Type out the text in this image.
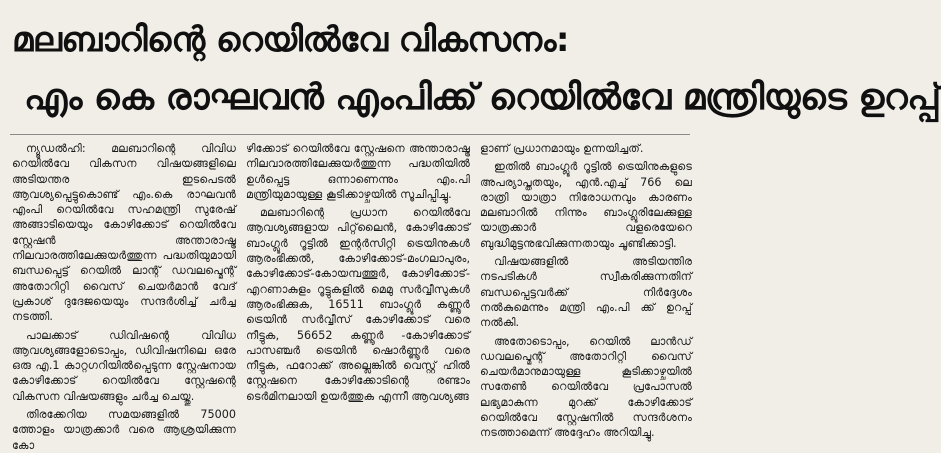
മലബാറിന്റെ റെയിൽവേ വികസനം:
എം കെ രാഘവൻ എംപിക്ക് റെയിൽവേ മന്ത്രിയുടെ ഉറപ്പ്

ന്യൂഡൽഹി: മലബാറിന്റെ വിവിധ റെയിൽവേ വികസന വിഷയങ്ങളിലെ അടിയന്തര ഇടപെടൽ ആവശ്യപ്പെട്ടുകൊണ്ട് എം.കെ രാഘവൻ എംപി റെയിൽവേ സഹമന്ത്രി സുരേഷ് അങ്ങാടിയെയും കോഴിക്കോട് റെയിൽവേ സ്റ്റേഷൻ അന്താരാഷ്ട്ര നിലവാരത്തിലേക്കുയർത്തുന്ന പദ്ധതിയുമായി ബന്ധപ്പെട്ട് റെയിൽ ലാന്റ് ഡവലപ്മെന്റ് അതോറിറ്റി വൈസ് ചെയർമാൻ വേദ് പ്രകാശ് ദുദേജയെയും സന്ദർശിച്ച് ചർച്ച നടത്തി.

പാലക്കാട് ഡിവിഷന്റെ വിവിധ ആവശ്യങ്ങളോടൊപ്പം, ഡിവിഷനിലെ ഒരേ ഒരു എ.1 കാറ്റഗറിയിൽപ്പെടുന്ന സ്റ്റേഷനായ കോഴിക്കോട് റെയിൽവേ സ്റ്റേഷന്റെ വികസന വിഷയങ്ങളും ചർച്ച ചെയ്തു.

തിരക്കേറിയ സമയങ്ങളിൽ 75000 ത്തോളം യാത്രക്കാർ വരെ ആശ്രയിക്കുന്ന കോ

ഴിക്കോട് റെയിൽവേ സ്റ്റേഷനെ അന്താരാഷ്ട്ര നിലവാരത്തിലേക്കുയർത്തുന്ന പദ്ധതിയിൽ ഉൾപ്പെട്ട ഒന്നാണെന്നും എം.പി മന്ത്രിയുമായുള്ള കൂടിക്കാഴ്ചയിൽ സൂചിപ്പിച്ചു.

മലബാറിന്റെ പ്രധാന റെയിൽവേ ആവശ്യങ്ങളായ പിറ്റ്‌ലൈൻ, കോഴിക്കോട് ബാംഗ്ലൂർ റൂട്ടിൽ ഇന്റർസിറ്റി ട്രെയിനുകൾ ആരംഭിക്കൽ, കോഴിക്കോട്-മംഗലാപുരം, കോഴിക്കോട്-കോയമ്പത്തൂർ, കോഴിക്കോട്-എറണാകുളം റൂട്ടുകളിൽ മെമു സർവ്വീസുകൾ ആരംഭിക്കുക, 16511 ബാംഗ്ലൂർ കണ്ണൂർ ട്രെയിൻ സർവ്വീസ് കോഴിക്കോട് വരെ നീട്ടുക, 56652 കണ്ണൂർ -കോഴിക്കോട് പാസഞ്ചർ ട്രെയിൻ ഷൊർണ്ണൂർ വരെ നീട്ടുക, ഫറോക്ക് അല്ലെങ്കിൽ വെസ്റ്റ് ഹിൽ സ്റ്റേഷനെ കോഴിക്കോടിന്റെ രണ്ടാം ടെർമിനലായി ഉയർത്തുക എന്നീ ആവശ്യങ്ങ

ളാണ് പ്രധാനമായും ഉന്നയിച്ചത്.

ഇതിൽ ബാംഗ്ലൂർ റൂട്ടിൽ ട്രെയിനുകളുടെ അപര്യാപ്തതയും, എൻ.എച്ച് 766 ലെ രാത്രി യാത്രാ നിരോധനവും കാരണം മലബാറിൽ നിന്നും ബാംഗ്ലൂരിലേക്കുള്ള യാത്രക്കാർ വളരെയേറെ ബുദ്ധിമുട്ടനുഭവിക്കുന്നതായും ചൂണ്ടിക്കാട്ടി.

വിഷയങ്ങളിൽ അടിയന്തിര നടപടികൾ സ്വീകരിക്കുന്നതിന് ബന്ധപ്പെട്ടവർക്ക് നിർദ്ദേശം നൽകുമെന്നും മന്ത്രി എം.പി ക്ക് ഉറപ്പ് നൽകി.

അതോടൊപ്പം, റെയിൽ ലാൻഡ് ഡവലപ്മെന്റ് അതോറിറ്റി വൈസ് ചെയർമാനുമായുള്ള കൂടിക്കാഴ്ചയിൽ സതേൺ റെയിൽവേ പ്രപോസൽ ലഭ്യമാകുന്ന മുറക്ക് കോഴിക്കോട് റെയിൽവേ സ്റ്റേഷനിൽ സന്ദർശനം നടത്താമെന്ന് അദ്ദേഹം അറിയിച്ചു.
